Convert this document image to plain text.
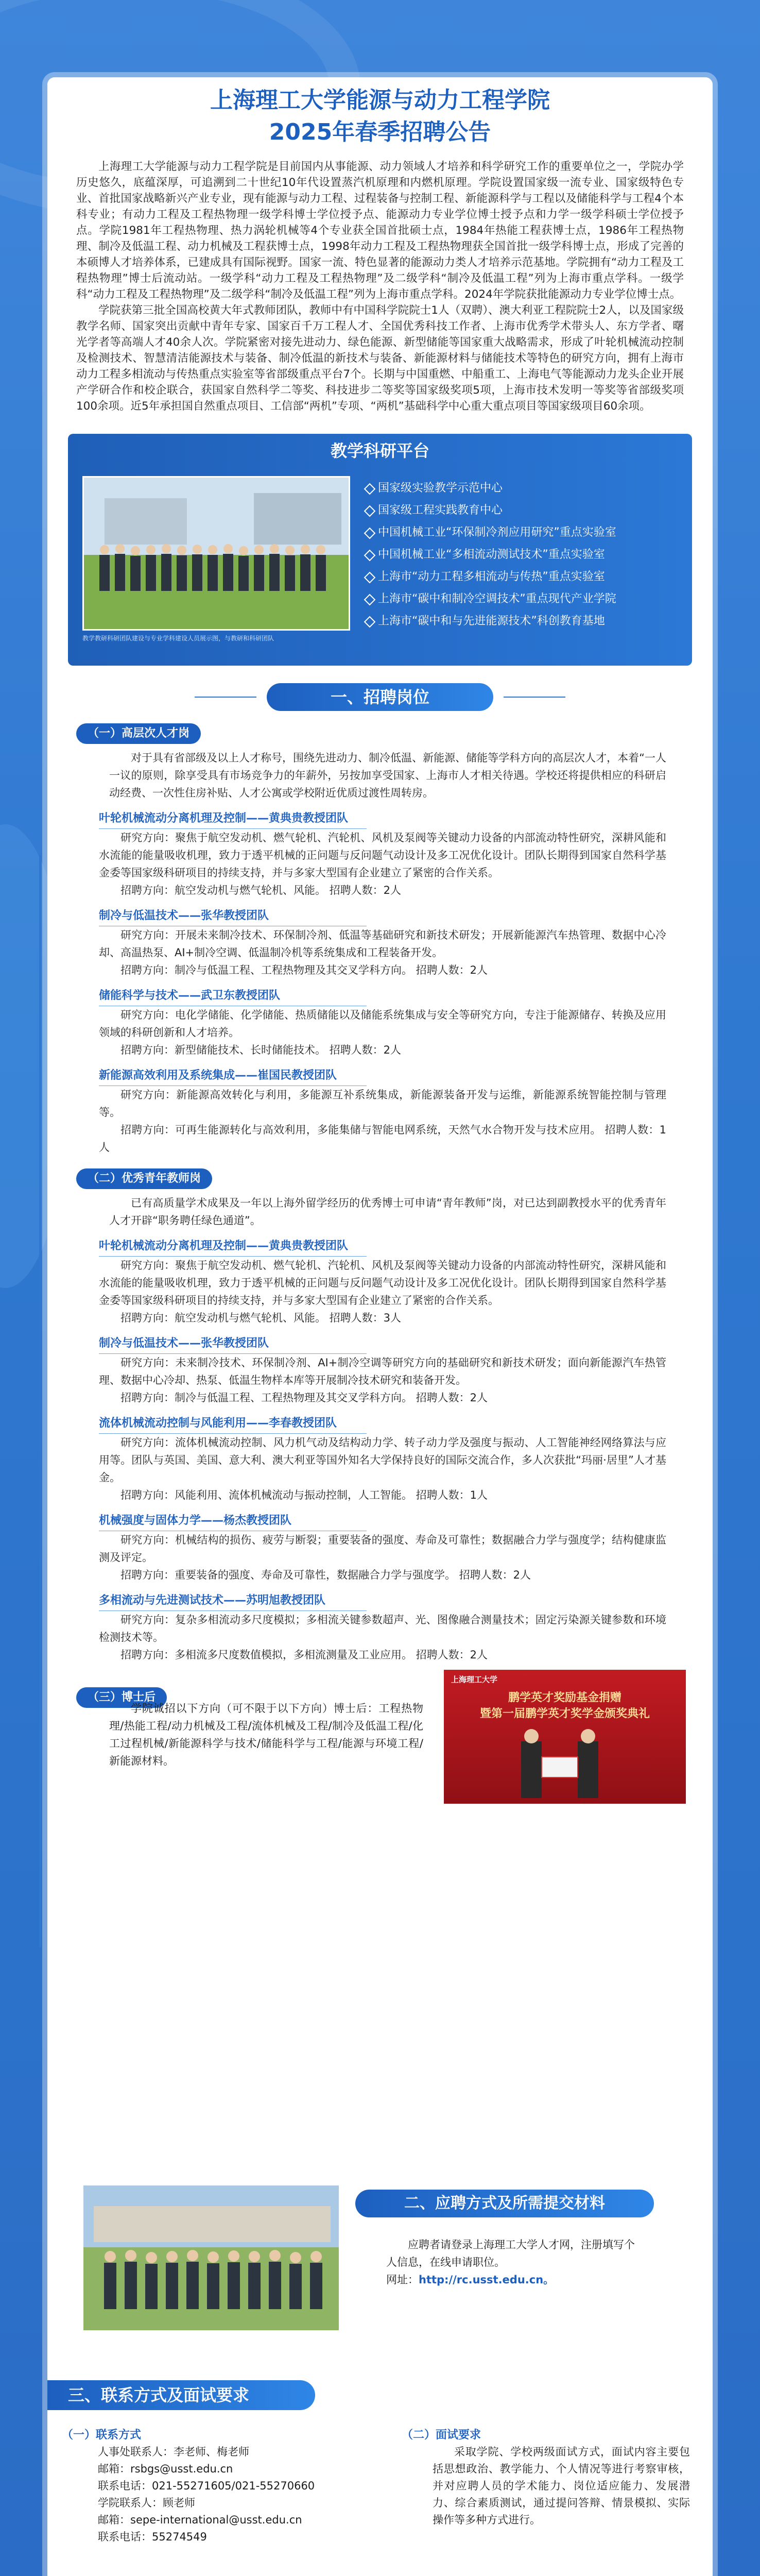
上海理工大学能源与动力工程学院
2025年春季招聘公告

上海理工大学能源与动力工程学院是目前国内从事能源、动力领域人才培养和科学研究工作的重要单位之一，学院办学历史悠久，底蕴深厚，可追溯到二十世纪10年代设置蒸汽机原理和内燃机原理。学院设置国家级一流专业、国家级特色专业、首批国家战略新兴产业专业，现有能源与动力工程、过程装备与控制工程、新能源科学与工程以及储能科学与工程4个本科专业；有动力工程及工程热物理一级学科博士学位授予点、能源动力专业学位博士授予点和力学一级学科硕士学位授予点。学院1981年工程热物理、热力涡轮机械等4个专业获全国首批硕士点，1984年热能工程获博士点，1986年工程热物理、制冷及低温工程、动力机械及工程获博士点，1998年动力工程及工程热物理获全国首批一级学科博士点，形成了完善的本硕博人才培养体系，已建成具有国际视野。国家一流、特色显著的能源动力类人才培养示范基地。学院拥有“动力工程及工程热物理”博士后流动站。一级学科“动力工程及工程热物理”及二级学科“制冷及低温工程”列为上海市重点学科。一级学科“动力工程及工程热物理”及二级学科“制冷及低温工程”列为上海市重点学科。2024年学院获批能源动力专业学位博士点。

学院获第三批全国高校黄大年式教师团队，教师中有中国科学院院士1人（双聘）、澳大利亚工程院院士2人，以及国家级教学名师、国家突出贡献中青年专家、国家百千万工程人才、全国优秀科技工作者、上海市优秀学术带头人、东方学者、曙光学者等高端人才40余人次。学院紧密对接先进动力、绿色能源、新型储能等国家重大战略需求，形成了叶轮机械流动控制及检测技术、智慧清洁能源技术与装备、制冷低温的新技术与装备、新能源材料与储能技术等特色的研究方向，拥有上海市动力工程多相流动与传热重点实验室等省部级重点平台7个。长期与中国重燃、中船重工、上海电气等能源动力龙头企业开展产学研合作和校企联合，获国家自然科学二等奖、科技进步二等奖等国家级奖项5项，上海市技术发明一等奖等省部级奖项100余项。近5年承担国自然重点项目、工信部“两机”专项、“两机”基础科学中心重大重点项目等国家级项目60余项。

教学科研平台
教学教研科研团队建设与专业学科建设人员展示图，与教研和科研团队
国家级实验教学示范中心
国家级工程实践教育中心
中国机械工业“环保制冷剂应用研究”重点实验室
中国机械工业“多相流动测试技术”重点实验室
上海市“动力工程多相流动与传热”重点实验室
上海市“碳中和制冷空调技术”重点现代产业学院
上海市“碳中和与先进能源技术”科创教育基地
一、招聘岗位
（一）高层次人才岗

对于具有省部级及以上人才称号，围绕先进动力、制冷低温、新能源、储能等学科方向的高层次人才，本着“一人一议的原则，除享受具有市场竞争力的年薪外，另按加享受国家、上海市人才相关待遇。学校还将提供相应的科研启动经费、一次性住房补贴、人才公寓或学校附近优质过渡性周转房。

叶轮机械流动分离机理及控制——黄典贵教授团队
研究方向：聚焦于航空发动机、燃气轮机、汽轮机、风机及泵阀等关键动力设备的内部流动特性研究，深耕风能和水流能的能量吸收机理，致力于透平机械的正问题与反问题气动设计及多工况优化设计。团队长期得到国家自然科学基金委等国家级科研项目的持续支持，并与多家大型国有企业建立了紧密的合作关系。
招聘方向：航空发动机与燃气轮机、风能。 招聘人数：2人
制冷与低温技术——张华教授团队
研究方向：开展未来制冷技术、环保制冷剂、低温等基础研究和新技术研发；开展新能源汽车热管理、数据中心冷却、高温热泵、AI+制冷空调、低温制冷机等系统集成和工程装备开发。
招聘方向：制冷与低温工程、工程热物理及其交叉学科方向。 招聘人数：2人
储能科学与技术——武卫东教授团队
研究方向：电化学储能、化学储能、热质储能以及储能系统集成与安全等研究方向，专注于能源储存、转换及应用领域的科研创新和人才培养。
招聘方向：新型储能技术、长时储能技术。 招聘人数：2人
新能源高效利用及系统集成——崔国民教授团队
研究方向：新能源高效转化与利用，多能源互补系统集成，新能源装备开发与运维，新能源系统智能控制与管理等。
招聘方向：可再生能源转化与高效利用，多能集储与智能电网系统，天然气水合物开发与技术应用。 招聘人数：1人
（二）优秀青年教师岗

已有高质量学术成果及一年以上海外留学经历的优秀博士可申请“青年教师”岗，对已达到副教授水平的优秀青年人才开辟“职务聘任绿色通道”。

叶轮机械流动分离机理及控制——黄典贵教授团队
研究方向：聚焦于航空发动机、燃气轮机、汽轮机、风机及泵阀等关键动力设备的内部流动特性研究，深耕风能和水流能的能量吸收机理，致力于透平机械的正问题与反问题气动设计及多工况优化设计。团队长期得到国家自然科学基金委等国家级科研项目的持续支持，并与多家大型国有企业建立了紧密的合作关系。
招聘方向：航空发动机与燃气轮机、风能。 招聘人数：3人
制冷与低温技术——张华教授团队
研究方向：未来制冷技术、环保制冷剂、AI+制冷空调等研究方向的基础研究和新技术研发；面向新能源汽车热管理、数据中心冷却、热泵、低温生物样本库等开展制冷技术研究和装备开发。
招聘方向：制冷与低温工程、工程热物理及其交叉学科方向。 招聘人数：2人
流体机械流动控制与风能利用——李春教授团队
研究方向：流体机械流动控制、风力机气动及结构动力学、转子动力学及强度与振动、人工智能神经网络算法与应用等。团队与英国、美国、意大利、澳大利亚等国外知名大学保持良好的国际交流合作，多人次获批“玛丽·居里”人才基金。
招聘方向：风能利用、流体机械流动与振动控制，人工智能。 招聘人数：1人
机械强度与固体力学——杨杰教授团队
研究方向：机械结构的损伤、疲劳与断裂；重要装备的强度、寿命及可靠性；数据融合力学与强度学；结构健康监测及评定。
招聘方向：重要装备的强度、寿命及可靠性，数据融合力学与强度学。 招聘人数：2人
多相流动与先进测试技术——苏明旭教授团队
研究方向：复杂多相流动多尺度模拟；多相流关键参数超声、光、图像融合测量技术；固定污染源关键参数和环境检测技术等。
招聘方向：多相流多尺度数值模拟，多相流测量及工业应用。 招聘人数：2人
（三）博士后

学院诚招以下方向（可不限于以下方向）博士后：工程热物理/热能工程/动力机械及工程/流体机械及工程/制冷及低温工程/化工过程机械/新能源科学与技术/储能科学与工程/能源与环境工程/新能源材料。

上海理工大学
鹏学英才奖励基金捐赠
暨第一届鹏学英才奖学金颁奖典礼
二、应聘方式及所需提交材料

应聘者请登录上海理工大学人才网，注册填写个人信息，在线申请职位。

网址：http://rc.usst.edu.cn。

三、联系方式及面试要求
（一）联系方式
人事处联系人：李老师、梅老师
邮箱：rsbgs@usst.edu.cn
联系电话：021-55271605/021-55270660
学院联系人：顾老师
邮箱：sepe-international@usst.edu.cn
联系电话：55274549
（二）面试要求
采取学院、学校两级面试方式，面试内容主要包括思想政治、教学能力、个人情况等进行考察审核，并对应聘人员的学术能力、岗位适应能力、发展潜力、综合素质测试，通过提问答辩、情景模拟、实际操作等多种方式进行。
